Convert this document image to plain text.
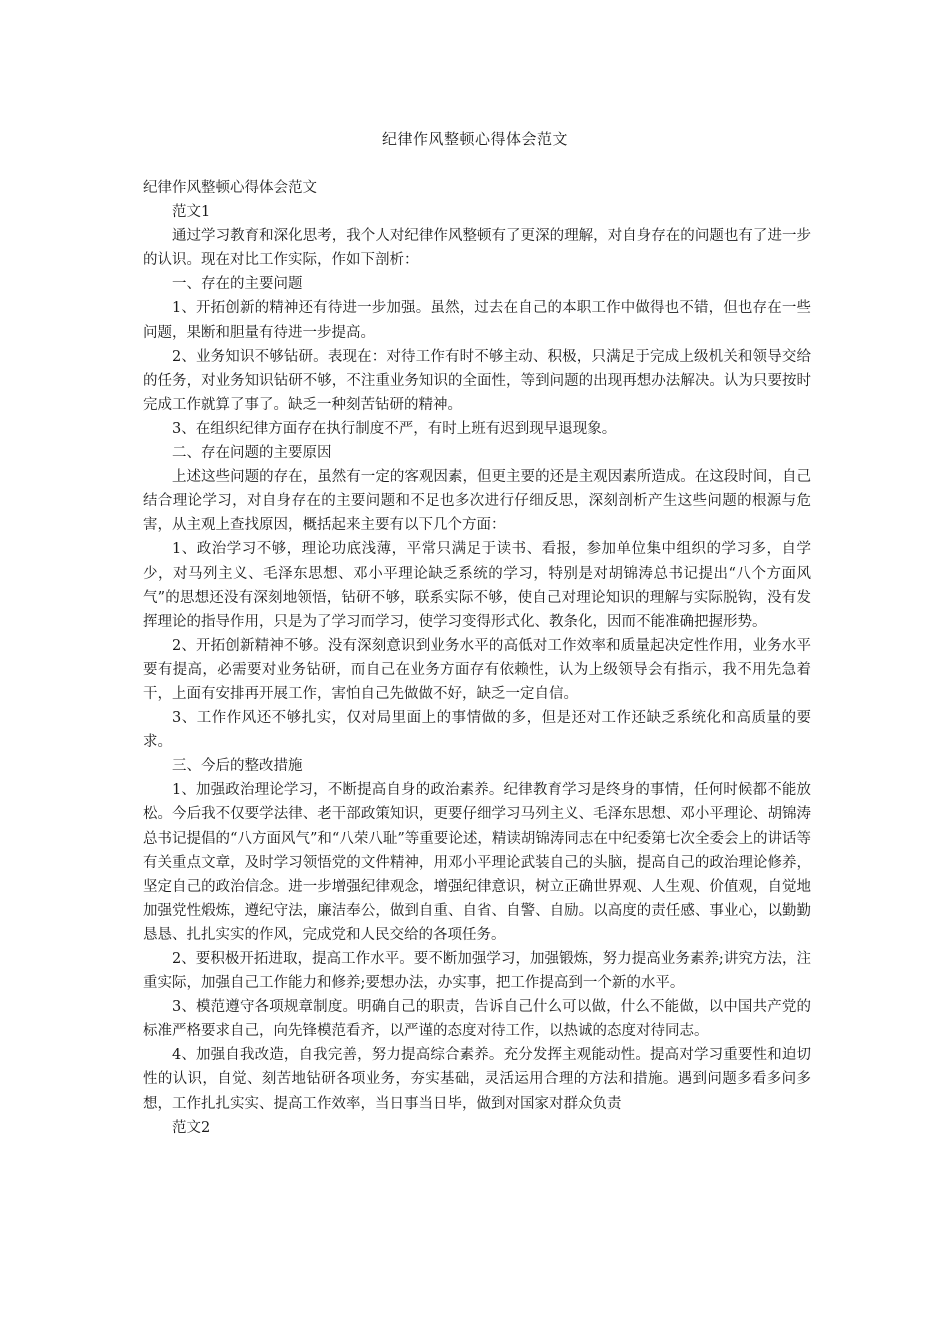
纪律作风整顿心得体会范文

纪律作风整顿心得体会范文

范文1

通过学习教育和深化思考，我个人对纪律作风整顿有了更深的理解，对自身存在的问题也有了进一步的认识。现在对比工作实际，作如下剖析：

一、存在的主要问题

1、开拓创新的精神还有待进一步加强。虽然，过去在自己的本职工作中做得也不错，但也存在一些问题，果断和胆量有待进一步提高。

2、业务知识不够钻研。表现在：对待工作有时不够主动、积极，只满足于完成上级机关和领导交给的任务，对业务知识钻研不够，不注重业务知识的全面性，等到问题的出现再想办法解决。认为只要按时完成工作就算了事了。缺乏一种刻苦钻研的精神。

3、在组织纪律方面存在执行制度不严，有时上班有迟到现早退现象。

二、存在问题的主要原因

上述这些问题的存在，虽然有一定的客观因素，但更主要的还是主观因素所造成。在这段时间，自己结合理论学习，对自身存在的主要问题和不足也多次进行仔细反思，深刻剖析产生这些问题的根源与危害，从主观上查找原因，概括起来主要有以下几个方面：

1、政治学习不够，理论功底浅薄，平常只满足于读书、看报，参加单位集中组织的学习多，自学少，对马列主义、毛泽东思想、邓小平理论缺乏系统的学习，特别是对胡锦涛总书记提出“八个方面风气”的思想还没有深刻地领悟，钻研不够，联系实际不够，使自己对理论知识的理解与实际脱钩，没有发挥理论的指导作用，只是为了学习而学习，使学习变得形式化、教条化，因而不能准确把握形势。

2、开拓创新精神不够。没有深刻意识到业务水平的高低对工作效率和质量起决定性作用，业务水平要有提高，必需要对业务钻研，而自己在业务方面存有依赖性，认为上级领导会有指示，我不用先急着干，上面有安排再开展工作，害怕自己先做做不好，缺乏一定自信。

3、工作作风还不够扎实，仅对局里面上的事情做的多，但是还对工作还缺乏系统化和高质量的要求。

三、今后的整改措施

1、加强政治理论学习，不断提高自身的政治素养。纪律教育学习是终身的事情，任何时候都不能放松。今后我不仅要学法律、老干部政策知识，更要仔细学习马列主义、毛泽东思想、邓小平理论、胡锦涛总书记提倡的“八方面风气”和“八荣八耻”等重要论述，精读胡锦涛同志在中纪委第七次全委会上的讲话等有关重点文章，及时学习领悟党的文件精神，用邓小平理论武装自己的头脑，提高自己的政治理论修养，坚定自己的政治信念。进一步增强纪律观念，增强纪律意识，树立正确世界观、人生观、价值观，自觉地加强党性煅炼，遵纪守法，廉洁奉公，做到自重、自省、自警、自励。以高度的责任感、事业心，以勤勤恳恳、扎扎实实的作风，完成党和人民交给的各项任务。

2、要积极开拓进取，提高工作水平。要不断加强学习，加强锻炼，努力提高业务素养;讲究方法，注重实际，加强自己工作能力和修养;要想办法，办实事，把工作提高到一个新的水平。

3、模范遵守各项规章制度。明确自己的职责，告诉自己什么可以做，什么不能做，以中国共产党的标准严格要求自己，向先锋模范看齐，以严谨的态度对待工作，以热诚的态度对待同志。

4、加强自我改造，自我完善，努力提高综合素养。充分发挥主观能动性。提高对学习重要性和迫切性的认识，自觉、刻苦地钻研各项业务，夯实基础，灵活运用合理的方法和措施。遇到问题多看多问多想，工作扎扎实实、提高工作效率，当日事当日毕，做到对国家对群众负责

范文2
